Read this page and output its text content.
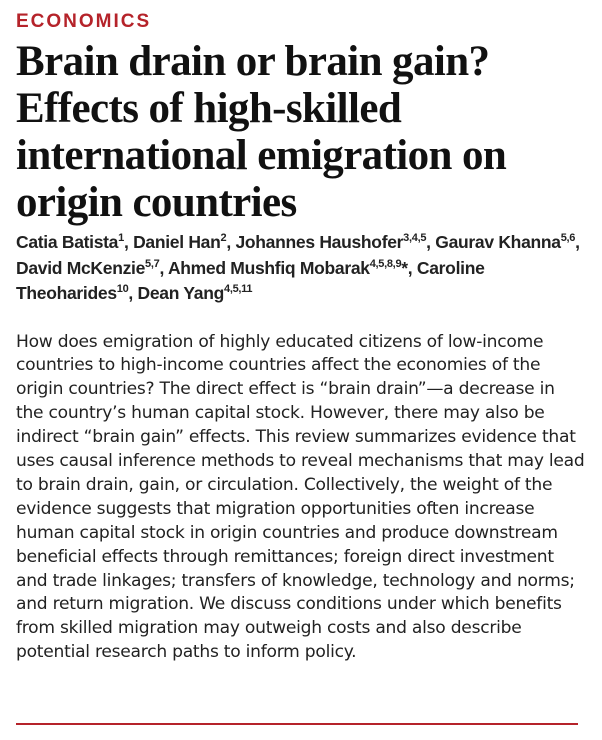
ECONOMICS
Brain drain or brain gain? Effects of high-skilled international emigration on origin countries
Catia Batista$^1$, Daniel Han$^2$, Johannes Haushofer$^{3,4,5}$, Gaurav Khanna$^{5,6}$, David McKenzie$^{5,7}$, Ahmed Mushfiq Mobarak$^{4,5,8,9}$*, Caroline Theoharides$^{10}$, Dean Yang$^{4,5,11}$

How does emigration of highly educated citizens of low-income countries to high-income countries affect the economies of the origin countries? The direct effect is “brain drain”—a decrease in the country’s human capital stock. However, there may also be indirect “brain gain” effects. This review summarizes evidence that uses causal inference methods to reveal mechanisms that may lead to brain drain, gain, or circulation. Collectively, the weight of the evidence suggests that migration opportunities often increase human capital stock in origin countries and produce downstream beneficial effects through remittances; foreign direct investment and trade linkages; transfers of knowledge, technology and norms; and return migration. We discuss conditions under which benefits from skilled migration may outweigh costs and also describe potential research paths to inform policy.
